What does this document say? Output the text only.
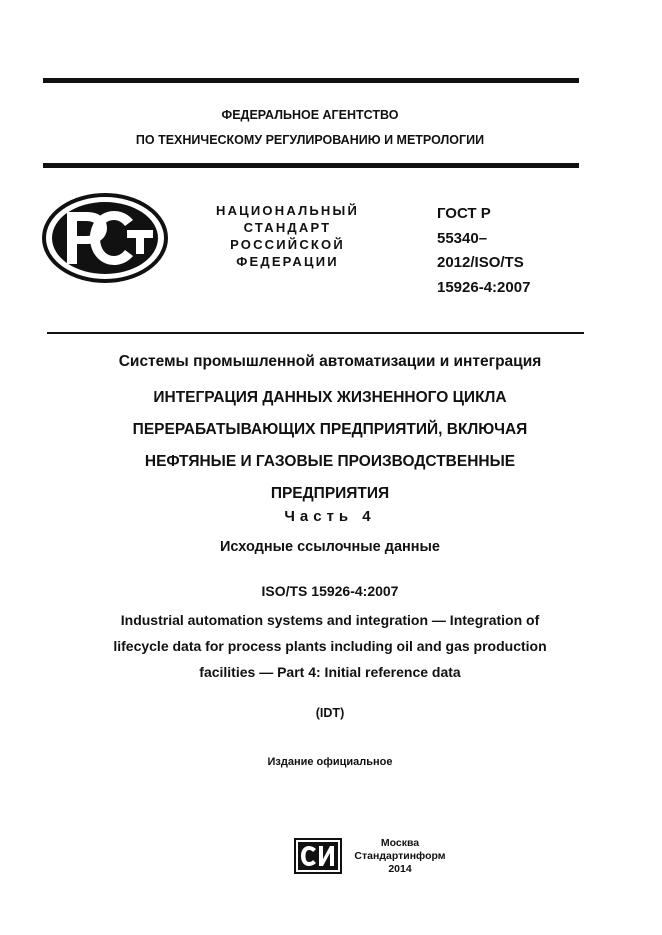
ФЕДЕРАЛЬНОЕ АГЕНТСТВО
ПО ТЕХНИЧЕСКОМУ РЕГУЛИРОВАНИЮ И МЕТРОЛОГИИ
НАЦИОНАЛЬНЫЙ
СТАНДАРТ
РОССИЙСКОЙ
ФЕДЕРАЦИИ
ГОСТ Р
55340–
2012/ISO/TS
15926-4:2007
Системы промышленной автоматизации и интеграция
ИНТЕГРАЦИЯ ДАННЫХ ЖИЗНЕННОГО ЦИКЛА
ПЕРЕРАБАТЫВАЮЩИХ ПРЕДПРИЯТИЙ, ВКЛЮЧАЯ
НЕФТЯНЫЕ И ГАЗОВЫЕ ПРОИЗВОДСТВЕННЫЕ
ПРЕДПРИЯТИЯ
Часть 4
Исходные ссылочные данные
ISO/TS 15926-4:2007
Industrial automation systems and integration — Integration of
lifecycle data for process plants including oil and gas production
facilities — Part 4: Initial reference data
(IDT)
Издание официальное
Москва
Стандартинформ
2014
